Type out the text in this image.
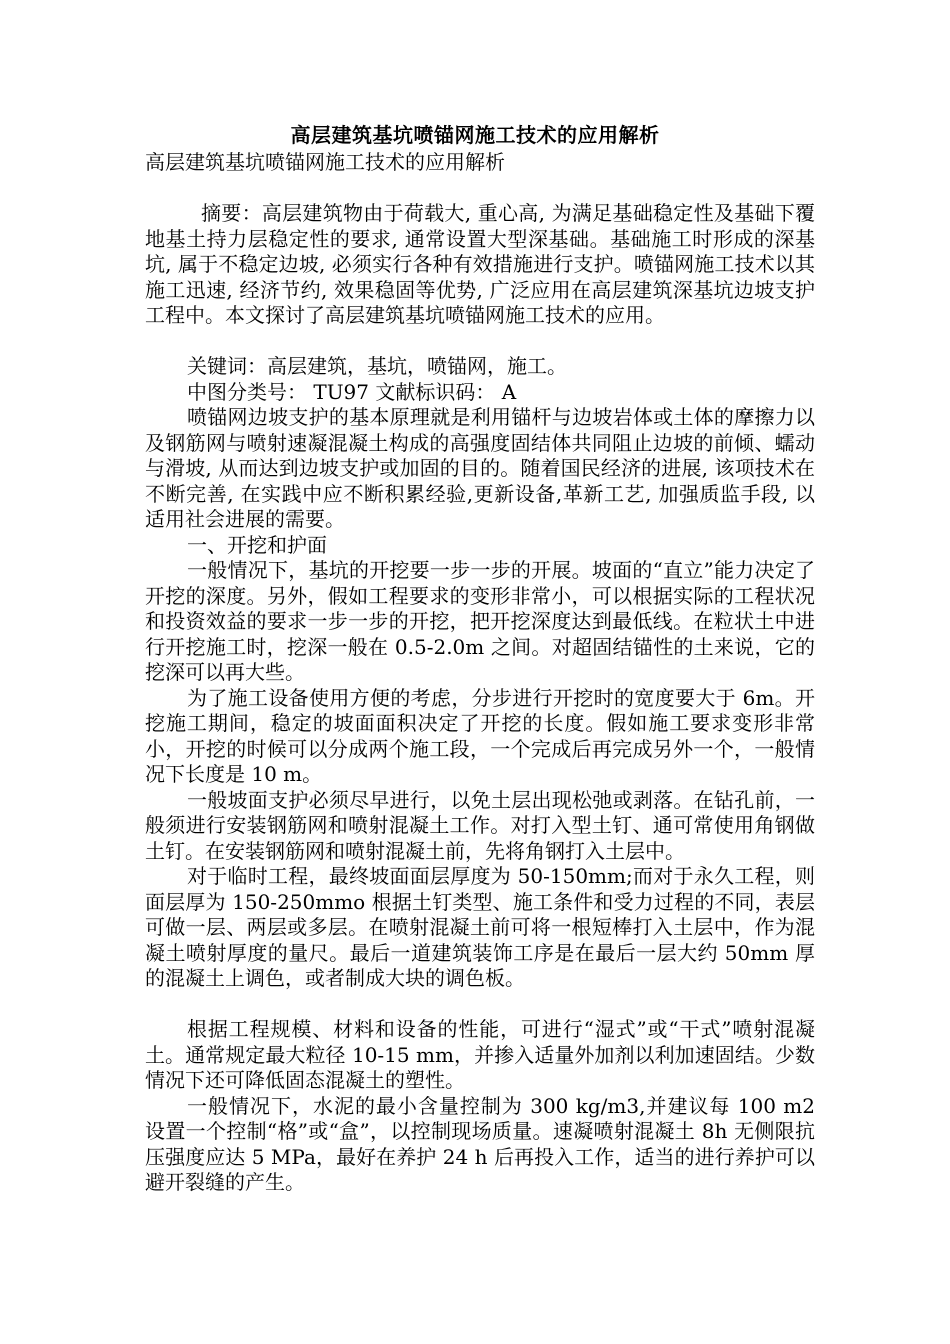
高层建筑基坑喷锚网施工技术的应用解析

高层建筑基坑喷锚网施工技术的应用解析

摘要：高层建筑物由于荷载大, 重心高, 为满足基础稳定性及基础下覆地基土持力层稳定性的要求, 通常设置大型深基础。基础施工时形成的深基坑, 属于不稳定边坡, 必须实行各种有效措施进行支护。喷锚网施工技术以其施工迅速, 经济节约, 效果稳固等优势, 广泛应用在高层建筑深基坑边坡支护工程中。本文探讨了高层建筑基坑喷锚网施工技术的应用。

关键词：高层建筑，基坑，喷锚网，施工。

中图分类号： TU97 文献标识码： A

喷锚网边坡支护的基本原理就是利用锚杆与边坡岩体或土体的摩擦力以及钢筋网与喷射速凝混凝土构成的高强度固结体共同阻止边坡的前倾、蠕动与滑坡, 从而达到边坡支护或加固的目的。随着国民经济的进展, 该项技术在不断完善, 在实践中应不断积累经验,更新设备,革新工艺, 加强质监手段, 以适用社会进展的需要。

一、开挖和护面

一般情况下，基坑的开挖要一步一步的开展。坡面的“直立”能力决定了开挖的深度。另外，假如工程要求的变形非常小，可以根据实际的工程状况和投资效益的要求一步一步的开挖，把开挖深度达到最低线。在粒状土中进行开挖施工时，挖深一般在 0.5-2.0m 之间。对超固结锚性的土来说，它的挖深可以再大些。

为了施工设备使用方便的考虑，分步进行开挖时的宽度要大于 6m。开挖施工期间，稳定的坡面面积决定了开挖的长度。假如施工要求变形非常小，开挖的时候可以分成两个施工段，一个完成后再完成另外一个，一般情况下长度是 10 m。

一般坡面支护必须尽早进行，以免土层出现松弛或剥落。在钻孔前，一般须进行安装钢筋网和喷射混凝土工作。对打入型土钉、通可常使用角钢做土钉。在安装钢筋网和喷射混凝土前，先将角钢打入土层中。

对于临时工程，最终坡面面层厚度为 50-150mm;而对于永久工程，则面层厚为 150-250mmo 根据土钉类型、施工条件和受力过程的不同，表层可做一层、两层或多层。在喷射混凝土前可将一根短棒打入土层中，作为混凝土喷射厚度的量尺。最后一道建筑装饰工序是在最后一层大约 50mm 厚的混凝土上调色，或者制成大块的调色板。

根据工程规模、材料和设备的性能，可进行“湿式”或“干式”喷射混凝土。通常规定最大粒径 10-15 mm，并掺入适量外加剂以利加速固结。少数情况下还可降低固态混凝土的塑性。

一般情况下，水泥的最小含量控制为 300 kg/m3,并建议每 100 m2 设置一个控制“格”或“盒”，以控制现场质量。速凝喷射混凝土 8h 无侧限抗压强度应达 5 MPa，最好在养护 24 h 后再投入工作，适当的进行养护可以避开裂缝的产生。
